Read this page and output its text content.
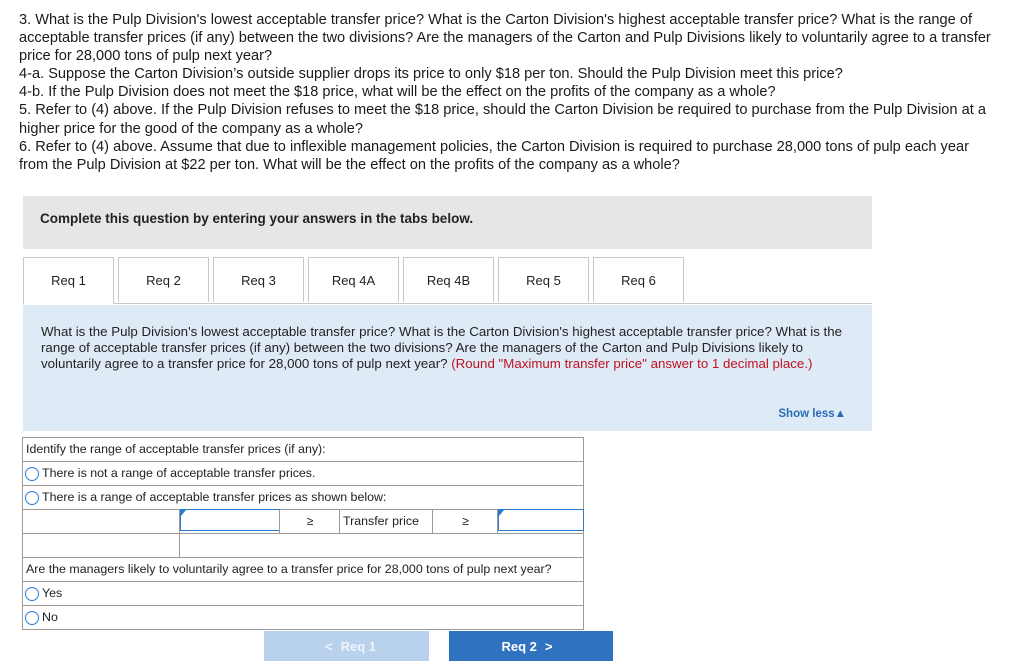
3. What is the Pulp Division's lowest acceptable transfer price? What is the Carton Division's highest acceptable transfer price? What is the range of acceptable transfer prices (if any) between the two divisions? Are the managers of the Carton and Pulp Divisions likely to voluntarily agree to a transfer price for 28,000 tons of pulp next year?

4-a. Suppose the Carton Division’s outside supplier drops its price to only $18 per ton. Should the Pulp Division meet this price?

4-b. If the Pulp Division does not meet the $18 price, what will be the effect on the profits of the company as a whole?

5. Refer to (4) above. If the Pulp Division refuses to meet the $18 price, should the Carton Division be required to purchase from the Pulp Division at a higher price for the good of the company as a whole?

6. Refer to (4) above. Assume that due to inflexible management policies, the Carton Division is required to purchase 28,000 tons of pulp each year from the Pulp Division at $22 per ton. What will be the effect on the profits of the company as a whole?

Complete this question by entering your answers in the tabs below.
Req 1	Req 2	Req 3	Req 4A	Req 4B	Req 5	Req 6
What is the Pulp Division's lowest acceptable transfer price? What is the Carton Division's highest acceptable transfer price? What is the range of acceptable transfer prices (if any) between the two divisions? Are the managers of the Carton and Pulp Divisions likely to voluntarily agree to a transfer price for 28,000 tons of pulp next year? (Round "Maximum transfer price" answer to 1 decimal place.)
Show less▲
Identify the range of acceptable transfer prices (if any):
There is not a range of acceptable transfer prices.
There is a range of acceptable transfer prices as shown below:
≥	Transfer price	≥
Are the managers likely to voluntarily agree to a transfer price for 28,000 tons of pulp next year?
Yes
No
< Req 1	Req 2 >
